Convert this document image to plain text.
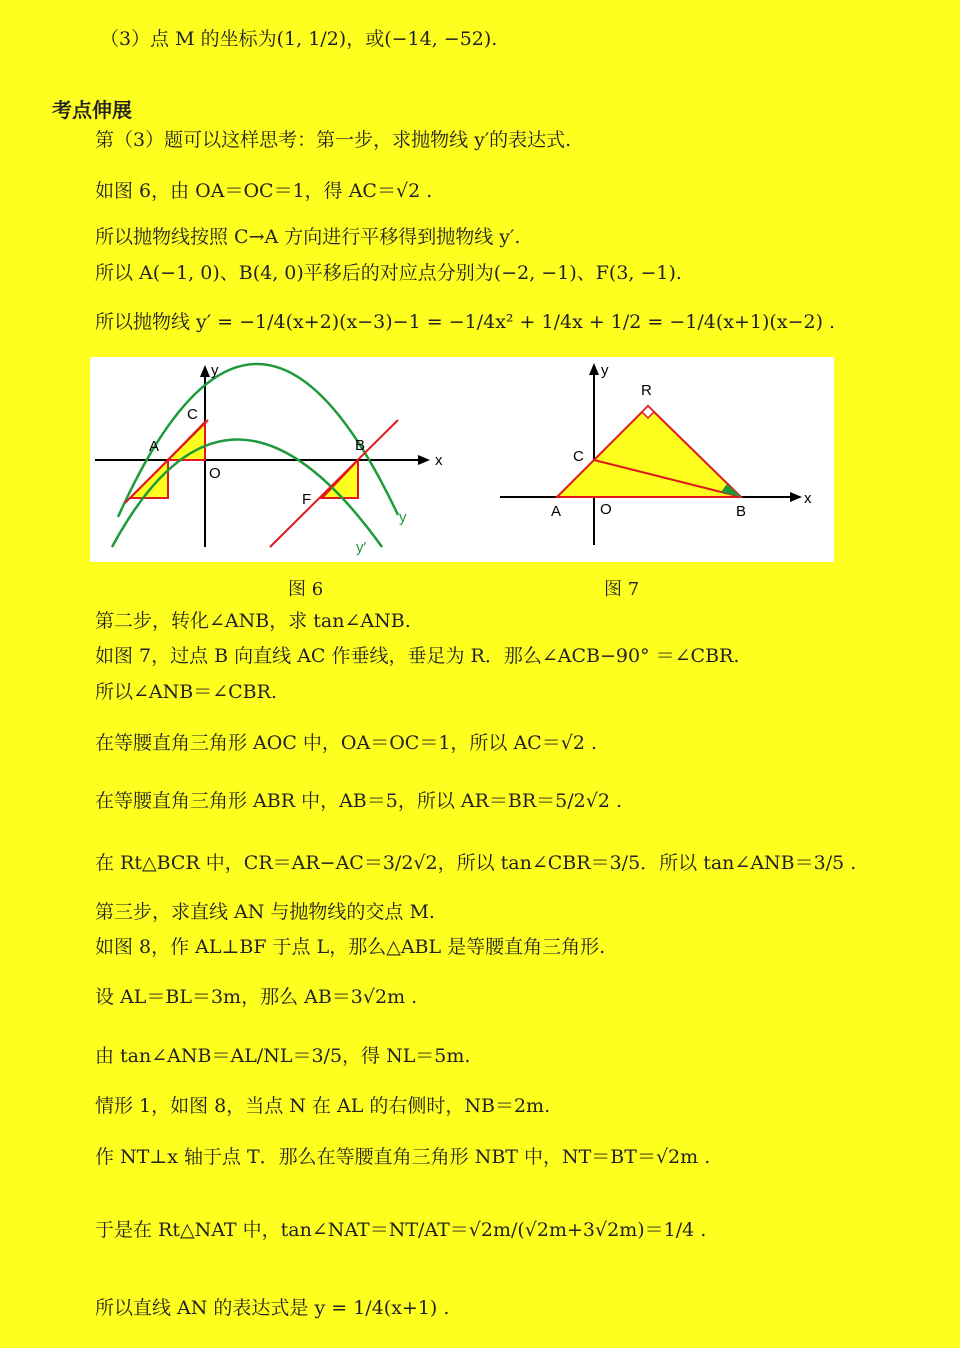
（3）点 M 的坐标为(1, 1/2)，或(−14, −52).
考点伸展
第（3）题可以这样思考：第一步，求抛物线 y′的表达式.
如图 6，由 OA＝OC＝1，得 AC＝√2 .
所以抛物线按照 C→A 方向进行平移得到抛物线 y′.
所以 A(−1, 0)、B(4, 0)平移后的对应点分别为(−2, −1)、F(3, −1).
所以抛物线 y′ = −1/4(x+2)(x−3)−1 = −1/4x² + 1/4x + 1/2 = −1/4(x+1)(x−2) .
y
x
A
C
O
B
F
y
y′
y
x
R
C
A	O	B
图 6	图 7
第二步，转化∠ANB，求 tan∠ANB.
如图 7，过点 B 向直线 AC 作垂线，垂足为 R．那么∠ACB−90° ＝∠CBR.
所以∠ANB＝∠CBR.
在等腰直角三角形 AOC 中，OA＝OC＝1，所以 AC＝√2 .
在等腰直角三角形 ABR 中，AB＝5，所以 AR＝BR＝5/2√2 .
在 Rt△BCR 中，CR＝AR−AC＝3/2√2，所以 tan∠CBR＝3/5．所以 tan∠ANB＝3/5 .
第三步，求直线 AN 与抛物线的交点 M.
如图 8，作 AL⊥BF 于点 L，那么△ABL 是等腰直角三角形.
设 AL＝BL＝3m，那么 AB＝3√2m .
由 tan∠ANB＝AL/NL＝3/5，得 NL＝5m.
情形 1，如图 8，当点 N 在 AL 的右侧时，NB＝2m.
作 NT⊥x 轴于点 T．那么在等腰直角三角形 NBT 中，NT＝BT＝√2m .
于是在 Rt△NAT 中，tan∠NAT＝NT/AT＝√2m/(√2m+3√2m)＝1/4 .
所以直线 AN 的表达式是 y = 1/4(x+1) .
